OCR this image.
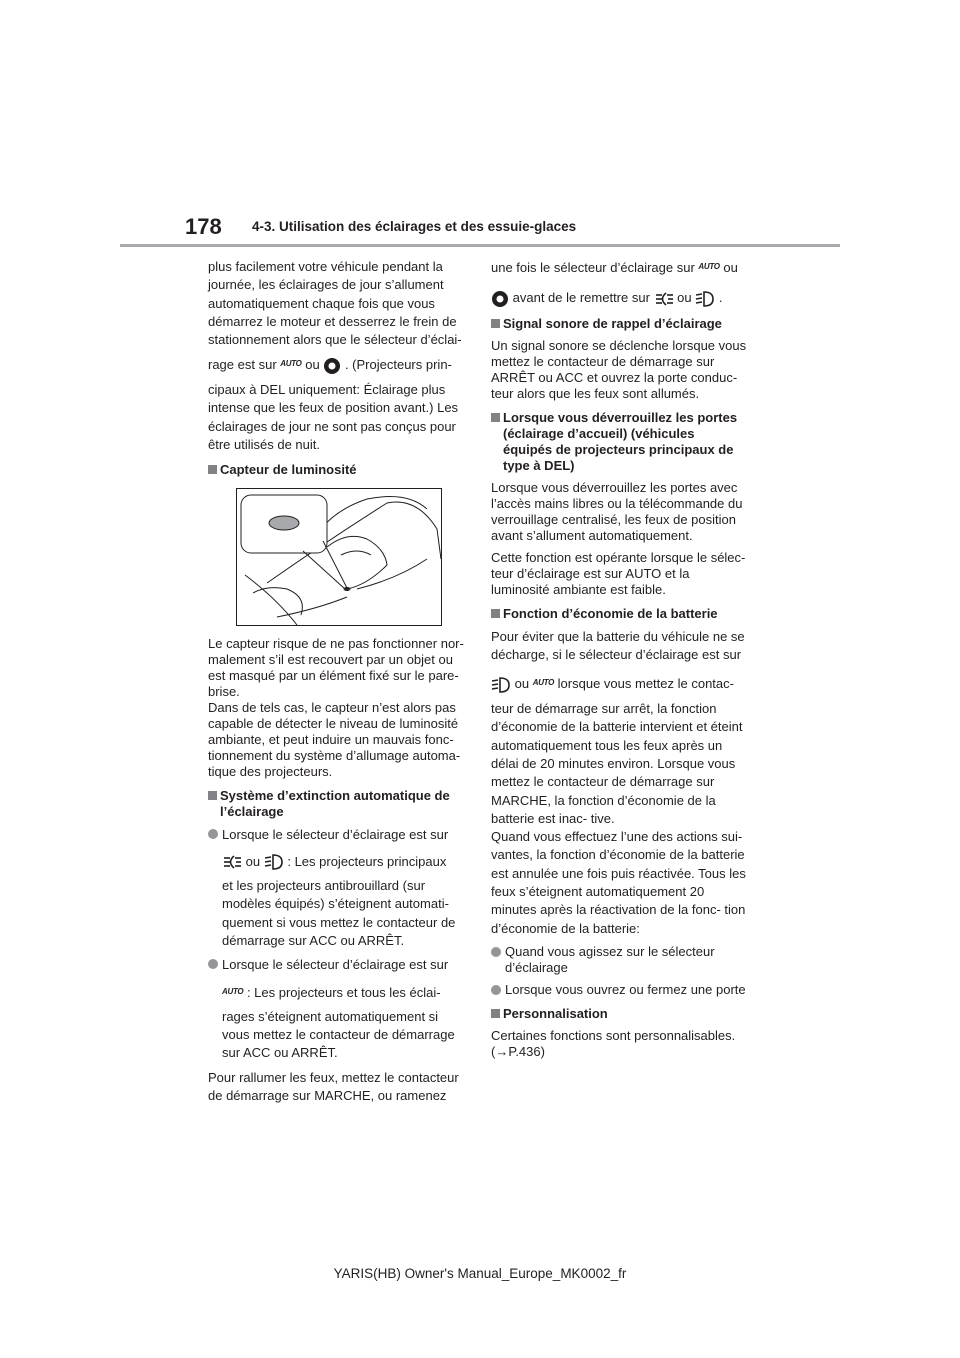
178 4-3. Utilisation des éclairages et des essuie-glaces

plus facilement votre véhicule pendant la journée, les éclairages de jour s’allument automatiquement chaque fois que vous démarrez le moteur et desserrez le frein de stationnement alors que le sélecteur d’éclai-

rage est sur $^{AUTO}$ ou . (Projecteurs prin-

cipaux à DEL uniquement: Éclairage plus intense que les feux de position avant.) Les éclairages de jour ne sont pas conçus pour être utilisés de nuit.

Capteur de luminosité

Le capteur risque de ne pas fonctionner nor- malement s’il est recouvert par un objet ou est masqué par un élément fixé sur le pare- brise.

Dans de tels cas, le capteur n’est alors pas capable de détecter le niveau de luminosité ambiante, et peut induire un mauvais fonc- tionnement du système d’allumage automa- tique des projecteurs.

Système d’extinction automatique de l’éclairage
Lorsque le sélecteur d’éclairage est sur
ou : Les projecteurs principaux
et les projecteurs antibrouillard (sur modèles équipés) s’éteignent automati- quement si vous mettez le contacteur de démarrage sur ACC ou ARRÊT.
Lorsque le sélecteur d’éclairage est sur
$^{AUTO}$ : Les projecteurs et tous les éclai-
rages s’éteignent automatiquement si vous mettez le contacteur de démarrage sur ACC ou ARRÊT.

Pour rallumer les feux, mettez le contacteur de démarrage sur MARCHE, ou ramenez

une fois le sélecteur d’éclairage sur $^{AUTO}$ ou

avant de le remettre sur ou .

Signal sonore de rappel d’éclairage

Un signal sonore se déclenche lorsque vous mettez le contacteur de démarrage sur ARRÊT ou ACC et ouvrez la porte conduc- teur alors que les feux sont allumés.

Lorsque vous déverrouillez les portes (éclairage d’accueil) (véhicules équipés de projecteurs principaux de type à DEL)

Lorsque vous déverrouillez les portes avec l’accès mains libres ou la télécommande du verrouillage centralisé, les feux de position avant s’allument automatiquement.

Cette fonction est opérante lorsque le sélec- teur d’éclairage est sur AUTO et la luminosité ambiante est faible.

Fonction d’économie de la batterie

Pour éviter que la batterie du véhicule ne se décharge, si le sélecteur d’éclairage est sur

ou $^{AUTO}$ lorsque vous mettez le contac-

teur de démarrage sur arrêt, la fonction d’économie de la batterie intervient et éteint automatiquement tous les feux après un délai de 20 minutes environ. Lorsque vous mettez le contacteur de démarrage sur MARCHE, la fonction d’économie de la batterie est inac- tive.

Quand vous effectuez l’une des actions sui- vantes, la fonction d’économie de la batterie est annulée une fois puis réactivée. Tous les feux s’éteignent automatiquement 20 minutes après la réactivation de la fonc- tion d’économie de la batterie:

Quand vous agissez sur le sélecteur d’éclairage
Lorsque vous ouvrez ou fermez une porte
Personnalisation

Certaines fonctions sont personnalisables.

(→P.436)

YARIS(HB) Owner's Manual_Europe_MK0002_fr
